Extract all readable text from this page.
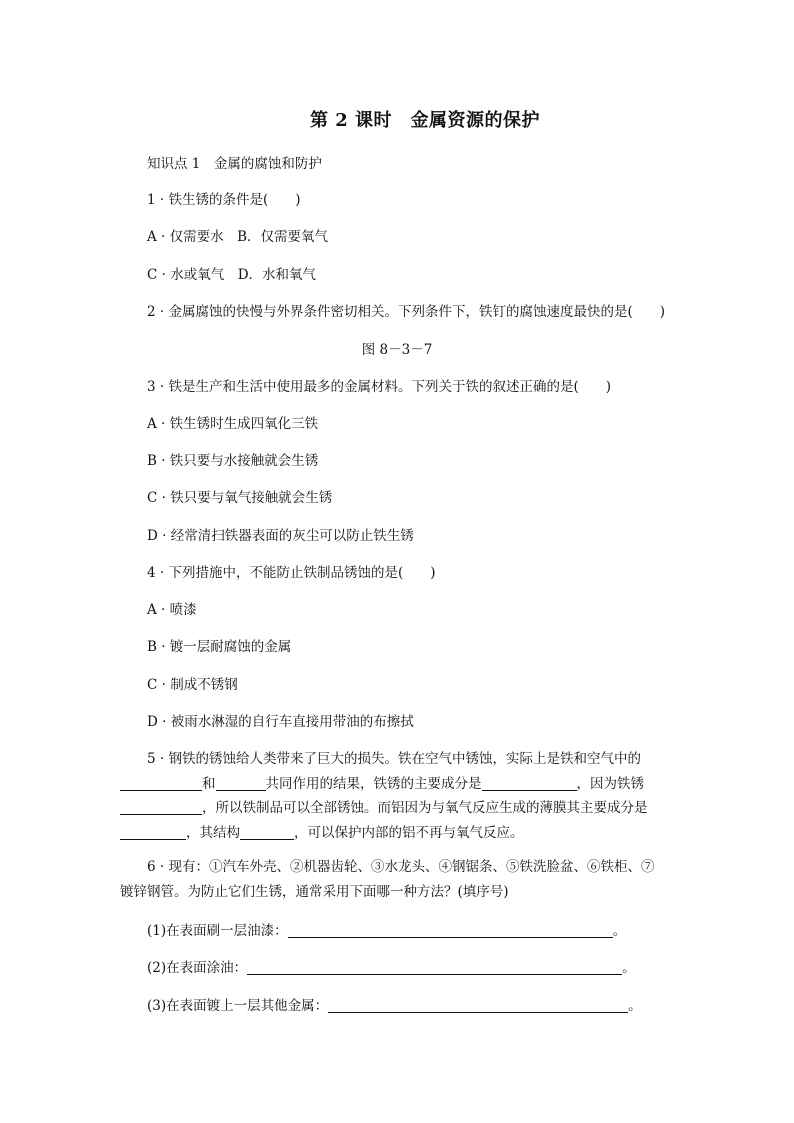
第 2 课时　金属资源的保护
知识点 1　金属的腐蚀和防护
1 · 铁生锈的条件是(　　)
A · 仅需要水　B．仅需要氧气
C · 水或氧气　D．水和氧气
2 · 金属腐蚀的快慢与外界条件密切相关。下列条件下，铁钉的腐蚀速度最快的是(　　)
图 8－3－7
3 · 铁是生产和生活中使用最多的金属材料。下列关于铁的叙述正确的是(　　)
A · 铁生锈时生成四氧化三铁
B · 铁只要与水接触就会生锈
C · 铁只要与氧气接触就会生锈
D · 经常清扫铁器表面的灰尘可以防止铁生锈
4 · 下列措施中，不能防止铁制品锈蚀的是(　　)
A · 喷漆
B · 镀一层耐腐蚀的金属
C · 制成不锈钢
D · 被雨水淋湿的自行车直接用带油的布擦拭
5 · 钢铁的锈蚀给人类带来了巨大的损失。铁在空气中锈蚀，实际上是铁和空气中的
和	共同作用的结果，铁锈的主要成分是	，因为铁锈
，所以铁制品可以全部锈蚀。而铝因为与氧气反应生成的薄膜其主要成分是
，其结构	，可以保护内部的铝不再与氧气反应。
6 · 现有：①汽车外壳、②机器齿轮、③水龙头、④钢锯条、⑤铁洗脸盆、⑥铁柜、⑦
镀锌钢管。为防止它们生锈，通常采用下面哪一种方法？(填序号)
(1)在表面刷一层油漆：	。
(2)在表面涂油：	。
(3)在表面镀上一层其他金属：	。
